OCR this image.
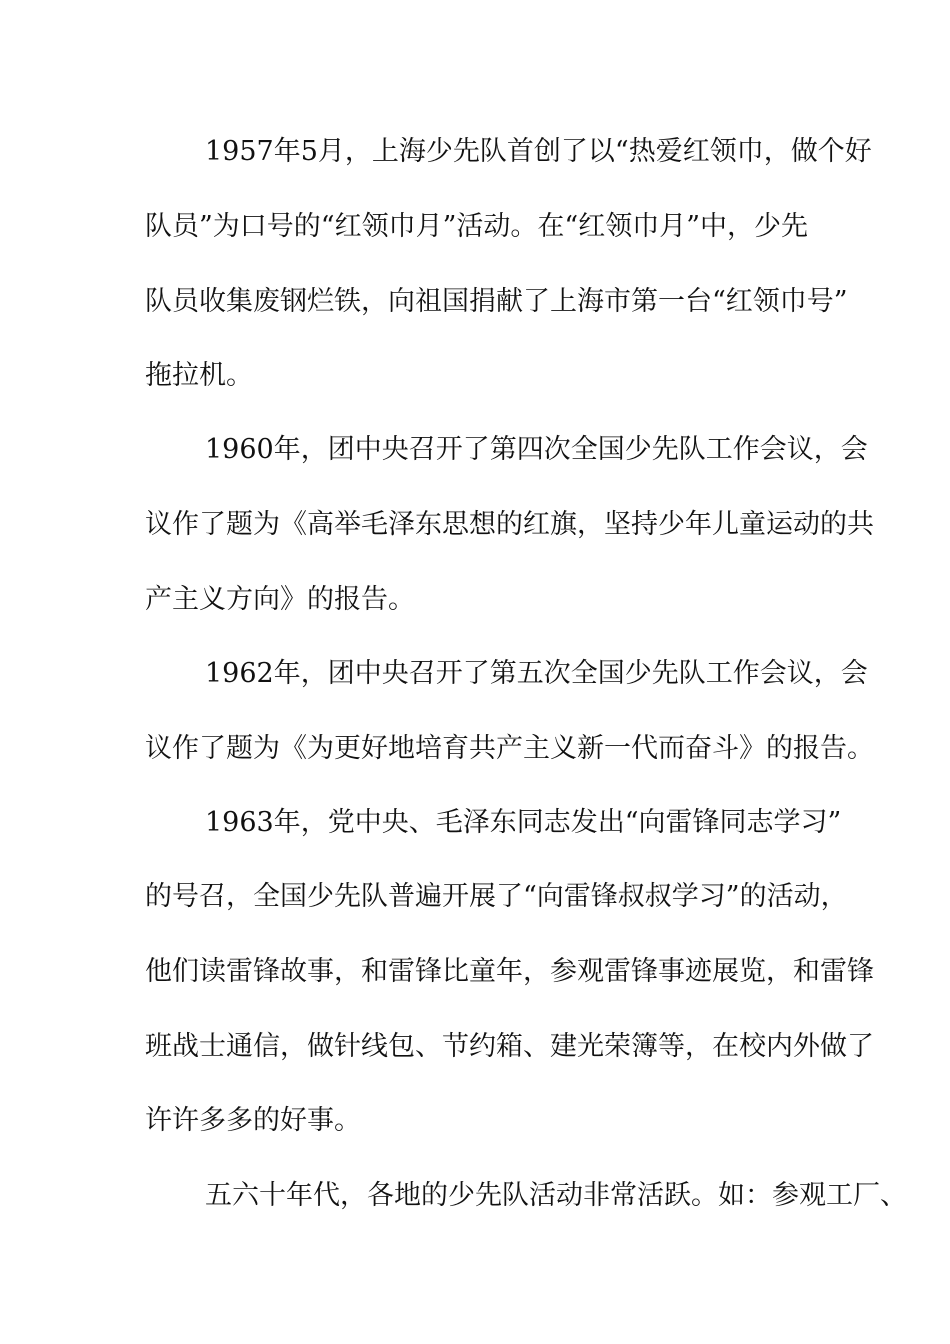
1957年5月，上海少先队首创了以“热爱红领巾，做个好
队员”为口号的“红领巾月”活动。在“红领巾月”中，少先
队员收集废钢烂铁，向祖国捐献了上海市第一台“红领巾号”
拖拉机。
1960年，团中央召开了第四次全国少先队工作会议，会
议作了题为《高举毛泽东思想的红旗，坚持少年儿童运动的共
产主义方向》的报告。
1962年，团中央召开了第五次全国少先队工作会议，会
议作了题为《为更好地培育共产主义新一代而奋斗》的报告。
1963年，党中央、毛泽东同志发出“向雷锋同志学习”
的号召，全国少先队普遍开展了“向雷锋叔叔学习”的活动，
他们读雷锋故事，和雷锋比童年，参观雷锋事迹展览，和雷锋
班战士通信，做针线包、节约箱、建光荣簿等，在校内外做了
许许多多的好事。
五六十年代，各地的少先队活动非常活跃。如：参观工厂、
